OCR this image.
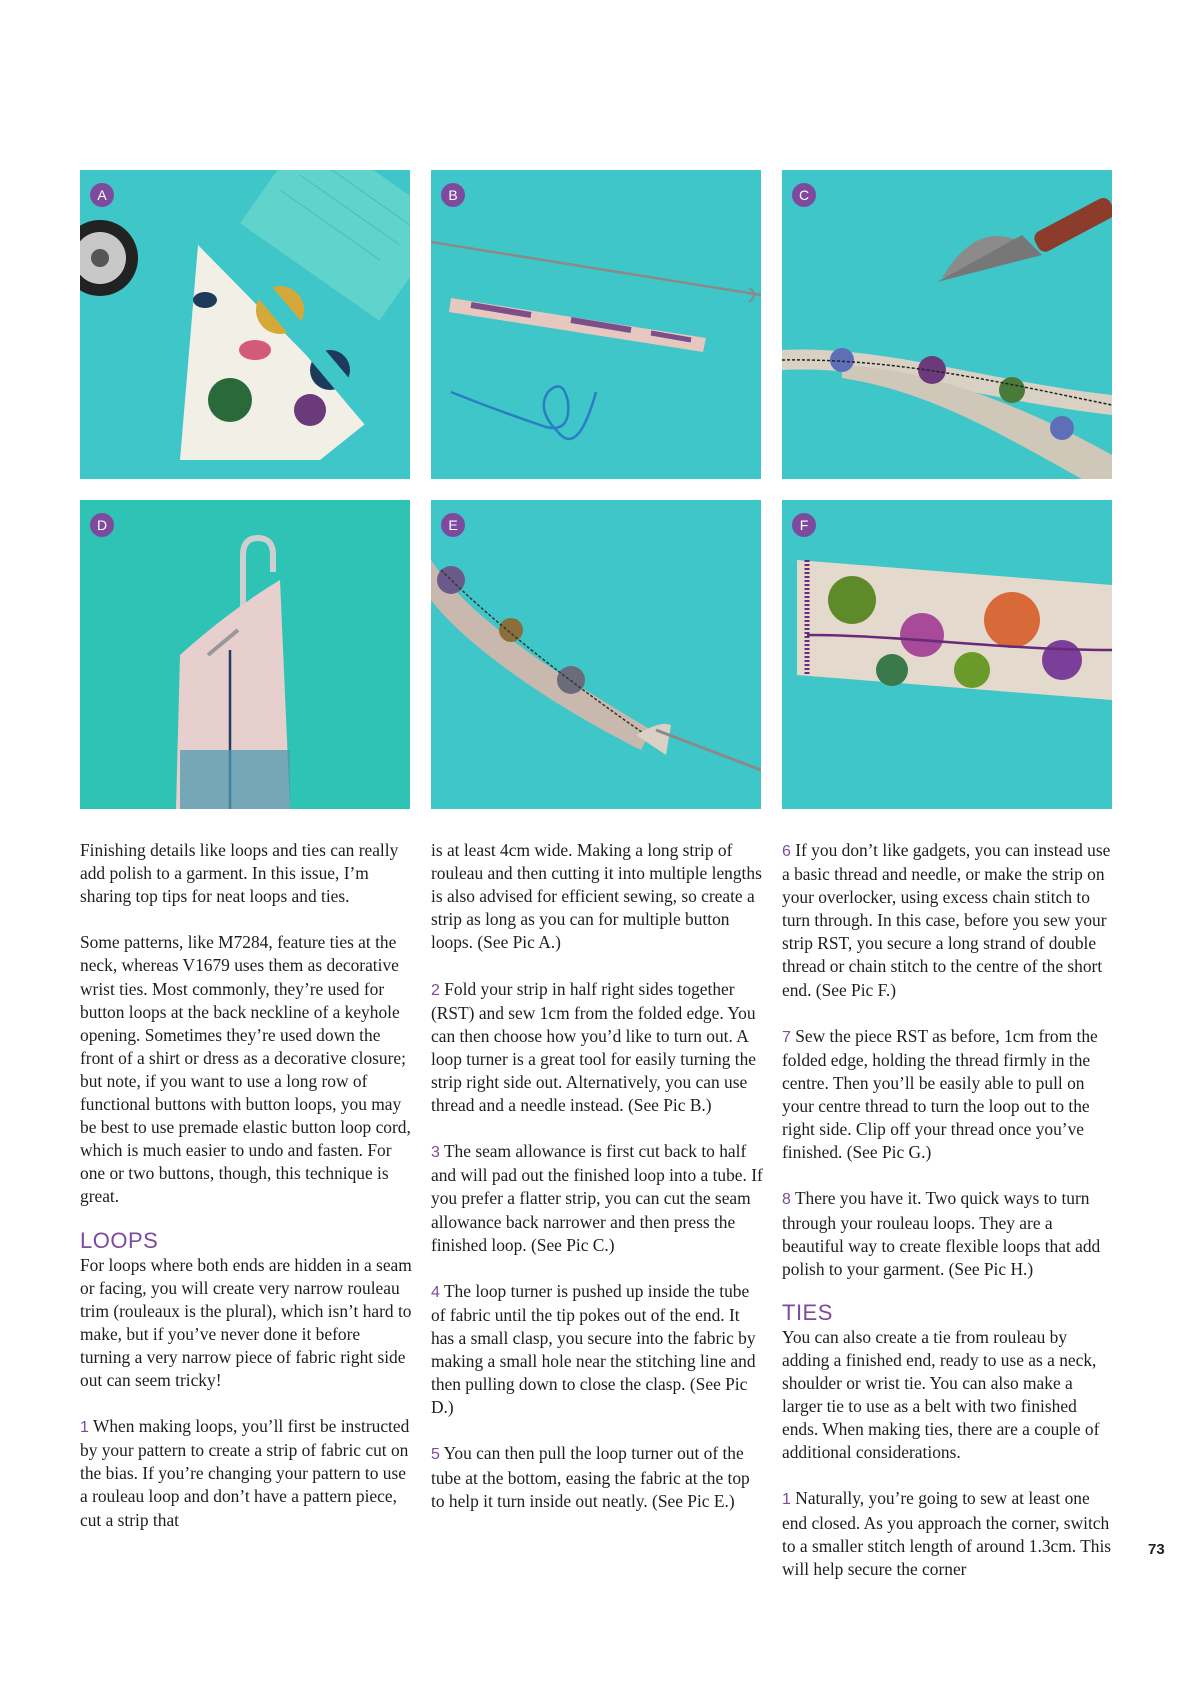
A	B	C
D	E	F

Finishing details like loops and ties can really add polish to a garment. In this issue, I’m sharing top tips for neat loops and ties.

Some patterns, like M7284, feature ties at the neck, whereas V1679 uses them as decorative wrist ties. Most commonly, they’re used for button loops at the back neckline of a keyhole opening. Sometimes they’re used down the front of a shirt or dress as a decorative closure; but note, if you want to use a long row of functional buttons with button loops, you may be best to use premade elastic button loop cord, which is much easier to undo and fasten. For one or two buttons, though, this technique is great.

LOOPS

For loops where both ends are hidden in a seam or facing, you will create very narrow rouleau trim (rouleaux is the plural), which isn’t hard to make, but if you’ve never done it before turning a very narrow piece of fabric right side out can seem tricky!

1 When making loops, you’ll first be instructed by your pattern to create a strip of fabric cut on the bias. If you’re changing your pattern to use a rouleau loop and don’t have a pattern piece, cut a strip that

is at least 4cm wide. Making a long strip of rouleau and then cutting it into multiple lengths is also advised for efficient sewing, so create a strip as long as you can for multiple button loops. (See Pic A.)

2 Fold your strip in half right sides together (RST) and sew 1cm from the folded edge. You can then choose how you’d like to turn out. A loop turner is a great tool for easily turning the strip right side out. Alternatively, you can use thread and a needle instead. (See Pic B.)

3 The seam allowance is first cut back to half and will pad out the finished loop into a tube. If you prefer a flatter strip, you can cut the seam allowance back narrower and then press the finished loop. (See Pic C.)

4 The loop turner is pushed up inside the tube of fabric until the tip pokes out of the end. It has a small clasp, you secure into the fabric by making a small hole near the stitching line and then pulling down to close the clasp. (See Pic D.)

5 You can then pull the loop turner out of the tube at the bottom, easing the fabric at the top to help it turn inside out neatly. (See Pic E.)

6 If you don’t like gadgets, you can instead use a basic thread and needle, or make the strip on your overlocker, using excess chain stitch to turn through. In this case, before you sew your strip RST, you secure a long strand of double thread or chain stitch to the centre of the short end. (See Pic F.)

7 Sew the piece RST as before, 1cm from the folded edge, holding the thread firmly in the centre. Then you’ll be easily able to pull on your centre thread to turn the loop out to the right side. Clip off your thread once you’ve finished. (See Pic G.)

8 There you have it. Two quick ways to turn through your rouleau loops. They are a beautiful way to create flexible loops that add polish to your garment. (See Pic H.)

TIES

You can also create a tie from rouleau by adding a finished end, ready to use as a neck, shoulder or wrist tie. You can also make a larger tie to use as a belt with two finished ends. When making ties, there are a couple of additional considerations.

1 Naturally, you’re going to sew at least one end closed. As you approach the corner, switch to a smaller stitch length of around 1.3cm. This will help secure the corner

73
